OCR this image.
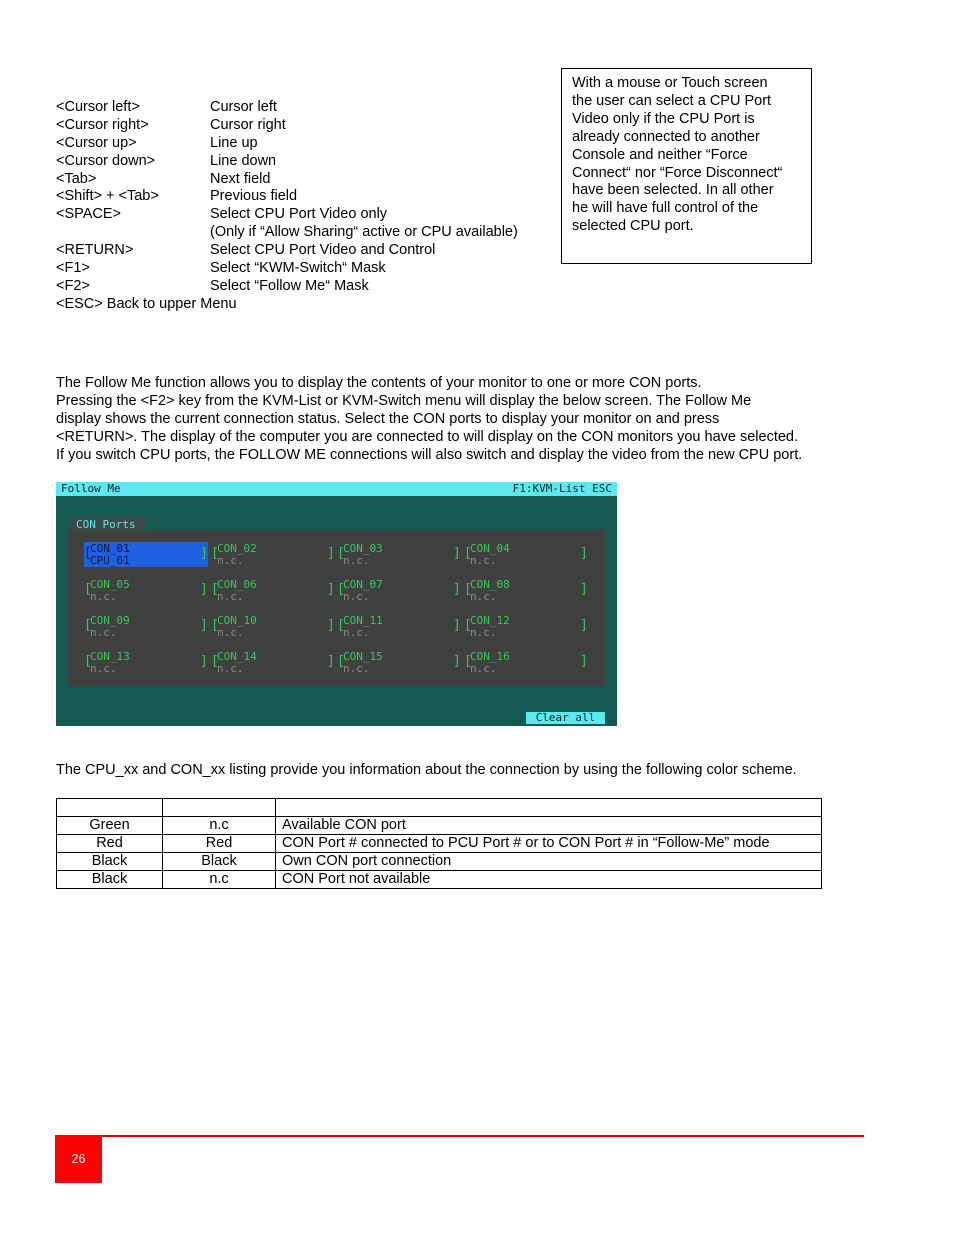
<Cursor left>	Cursor left
<Cursor right>	Cursor right
<Cursor up>	Line up
<Cursor down>	Line down
<Tab>	Next field
<Shift> + <Tab>	Previous field
<SPACE>	Select CPU Port Video only
(Only if “Allow Sharing“ active or CPU available)
<RETURN>	Select CPU Port Video and Control
<F1>	Select “KWM-Switch“ Mask
<F2>	Select “Follow Me“ Mask
<ESC> Back to upper Menu
With a mouse or Touch screen
the user can select a CPU Port
Video only if the CPU Port is
already connected to another
Console and neither “Force
Connect“ nor “Force Disconnect“
have been selected. In all other
he will have full control of the
selected CPU port.
The Follow Me function allows you to display the contents of your monitor to one or more CON ports.
Pressing the <F2> key from the KVM-List or KVM-Switch menu will display the below screen. The Follow Me
display shows the current connection status. Select the CON ports to display your monitor on and press
<RETURN>. The display of the computer you are connected to will display on the CON monitors you have selected.
If you switch CPU ports, the FOLLOW ME connections will also switch and display the video from the new CPU port.
Follow Me	F1:KVM-List ESC
CON Ports
[
CON_01
CPU_01	] [
CON_02
n.c.	] [
CON_03
n.c.	] [
CON_04
n.c.	]
[
CON_05
n.c.	] [
CON_06
n.c.	] [
CON_07
n.c.	] [
CON_08
n.c.	]
[
CON_09
n.c.	] [
CON_10
n.c.	] [
CON_11
n.c.	] [
CON_12
n.c.	]
[
CON_13
n.c.	] [
CON_14
n.c.	] [
CON_15
n.c.	] [
CON_16
n.c.	]
Clear all
The CPU_xx and CON_xx listing provide you information about the connection by using the following color scheme.

Green	n.c	Available CON port
Red	Red	CON Port # connected to PCU Port # or to CON Port # in “Follow-Me” mode
Black	Black	Own CON port connection
Black	n.c	CON Port not available
26
